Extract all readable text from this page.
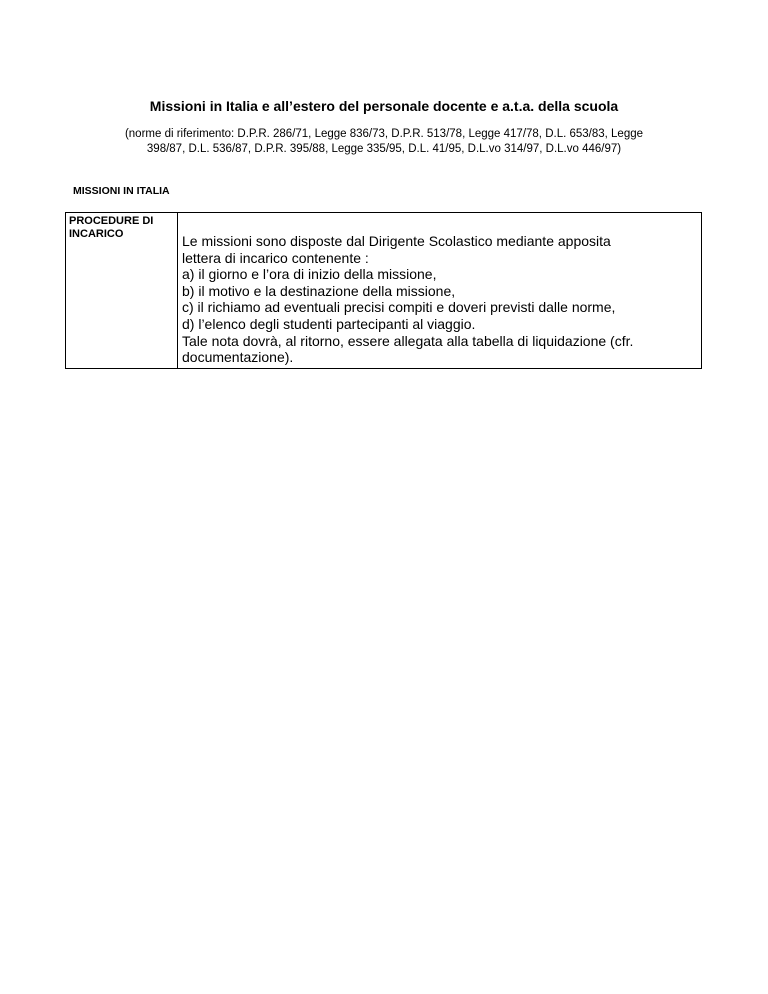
Missioni in Italia e all’estero del personale docente e a.t.a. della scuola
(norme di riferimento: D.P.R. 286/71, Legge 836/73, D.P.R. 513/78, Legge 417/78, D.L. 653/83, Legge
398/87, D.L. 536/87, D.P.R. 395/88, Legge 335/95, D.L. 41/95, D.L.vo 314/97, D.L.vo 446/97)
MISSIONI IN ITALIA
PROCEDURE DI
INCARICO	Le missioni sono disposte dal Dirigente Scolastico mediante apposita
lettera di incarico contenente :
a) il giorno e l’ora di inizio della missione,
b) il motivo e la destinazione della missione,
c) il richiamo ad eventuali precisi compiti e doveri previsti dalle norme,
d) l’elenco degli studenti partecipanti al viaggio.
Tale nota dovrà, al ritorno, essere allegata alla tabella di liquidazione (cfr.
documentazione).
